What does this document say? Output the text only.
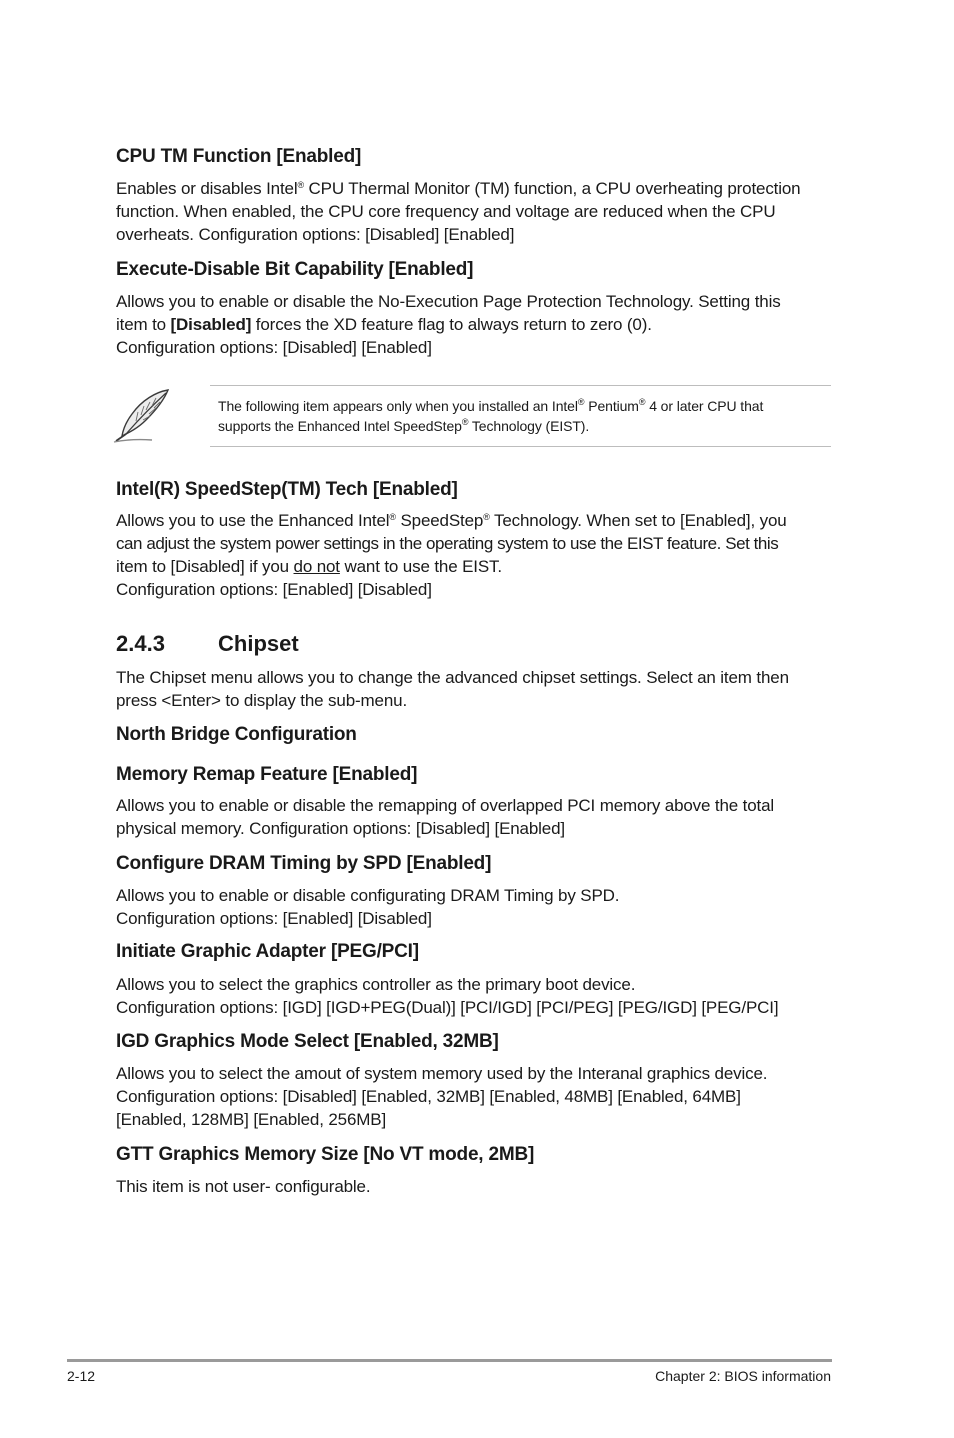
CPU TM Function [Enabled]
Enables or disables Intel® CPU Thermal Monitor (TM) function, a CPU overheating protection
function. When enabled, the CPU core frequency and voltage are reduced when the CPU
overheats. Configuration options: [Disabled] [Enabled]
Execute-Disable Bit Capability [Enabled]
Allows you to enable or disable the No-Execution Page Protection Technology. Setting this
item to [Disabled] forces the XD feature flag to always return to zero (0).
Configuration options: [Disabled] [Enabled]
Intel(R) SpeedStep(TM) Tech [Enabled]
Allows you to use the Enhanced Intel® SpeedStep® Technology. When set to [Enabled], you
can adjust the system power settings in the operating system to use the EIST feature. Set this
item to [Disabled] if you do not want to use the EIST.
Configuration options: [Enabled] [Disabled]
The Chipset menu allows you to change the advanced chipset settings. Select an item then
press <Enter> to display the sub-menu.
North Bridge Configuration
Memory Remap Feature [Enabled]
Allows you to enable or disable the remapping of overlapped PCI memory above the total
physical memory. Configuration options: [Disabled] [Enabled]
Configure DRAM Timing by SPD [Enabled]
Allows you to enable or disable configurating DRAM Timing by SPD.
Configuration options: [Enabled] [Disabled]
Initiate Graphic Adapter [PEG/PCI]
Allows you to select the graphics controller as the primary boot device.
Configuration options: [IGD] [IGD+PEG(Dual)] [PCI/IGD] [PCI/PEG] [PEG/IGD] [PEG/PCI]
IGD Graphics Mode Select [Enabled, 32MB]
Allows you to select the amout of system memory used by the Interanal graphics device.
Configuration options: [Disabled] [Enabled, 32MB] [Enabled, 48MB] [Enabled, 64MB]
[Enabled, 128MB] [Enabled, 256MB]
GTT Graphics Memory Size [No VT mode, 2MB]
This item is not user- configurable.
The following item appears only when you installed an Intel® Pentium® 4 or later CPU that
supports the Enhanced Intel SpeedStep® Technology (EIST).
2.4.3 Chipset
2-12	Chapter 2: BIOS information
